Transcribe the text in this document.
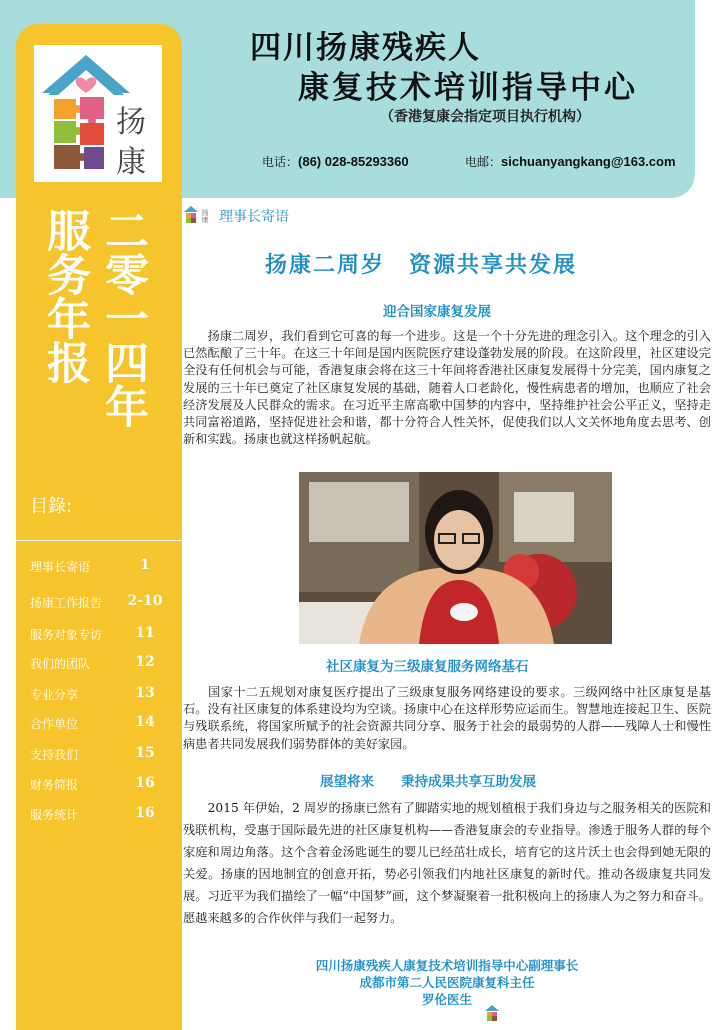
四川扬康残疾人
康复技术培训指导中心
（香港复康会指定项目执行机构）
电话：(86) 028-85293360	电邮：sichuanyangkang@163.com
扬
康
二零一四年
服务年报
目錄:
理事长寄语	1
扬康工作报告 2-10
服务对象专访	11
我们的团队	12
专业分享	13
合作单位	14
支持我们	15
财务简报	16
服务统计	16
扬康 理事长寄语
扬康二周岁　资源共享共发展
迎合国家康复发展
　　扬康二周岁，我们看到它可喜的每一个进步。这是一个十分先进的理念引入。这个理念的引入已然酝酿了三十年。在这三十年间是国内医院医疗建设蓬勃发展的阶段。在这阶段里，社区建设完全没有任何机会与可能，香港复康会将在这三十年间将香港社区康复发展得十分完美，国内康复之发展的三十年已奠定了社区康复发展的基础，随着人口老龄化，慢性病患者的增加，也顺应了社会经济发展及人民群众的需求。在习近平主席高歌中国梦的内容中，坚持维护社会公平正义，坚持走共同富裕道路，坚持促进社会和谐，都十分符合人性关怀，促使我们以人文关怀地角度去思考、创新和实践。扬康也就这样扬帆起航。
社区康复为三级康复服务网络基石
　　国家十二五规划对康复医疗提出了三级康复服务网络建设的要求。三级网络中社区康复是基石。没有社区康复的体系建设均为空谈。扬康中心在这样形势应运而生。智慧地连接起卫生、医院与残联系统，将国家所赋予的社会资源共同分享、服务于社会的最弱势的人群——残障人士和慢性病患者共同发展我们弱势群体的美好家园。
展望将来　　秉持成果共享互助发展
　　2015 年伊始，2 周岁的扬康已然有了脚踏实地的规划植根于我们身边与之服务相关的医院和残联机构，受惠于国际最先进的社区康复机构——香港复康会的专业指导。渗透于服务人群的每个家庭和周边角落。这个含着金汤匙诞生的婴儿已经茁壮成长，培育它的这片沃土也会得到她无限的关爱。扬康的因地制宜的创意开拓，势必引领我们内地社区康复的新时代。推动各级康复共同发展。习近平为我们描绘了一幅“中国梦”画，这个梦凝聚着一批积极向上的扬康人为之努力和奋斗。愿越来越多的合作伙伴与我们一起努力。
四川扬康残疾人康复技术培训指导中心副理事长
成都市第二人民医院康复科主任
罗伦医生
